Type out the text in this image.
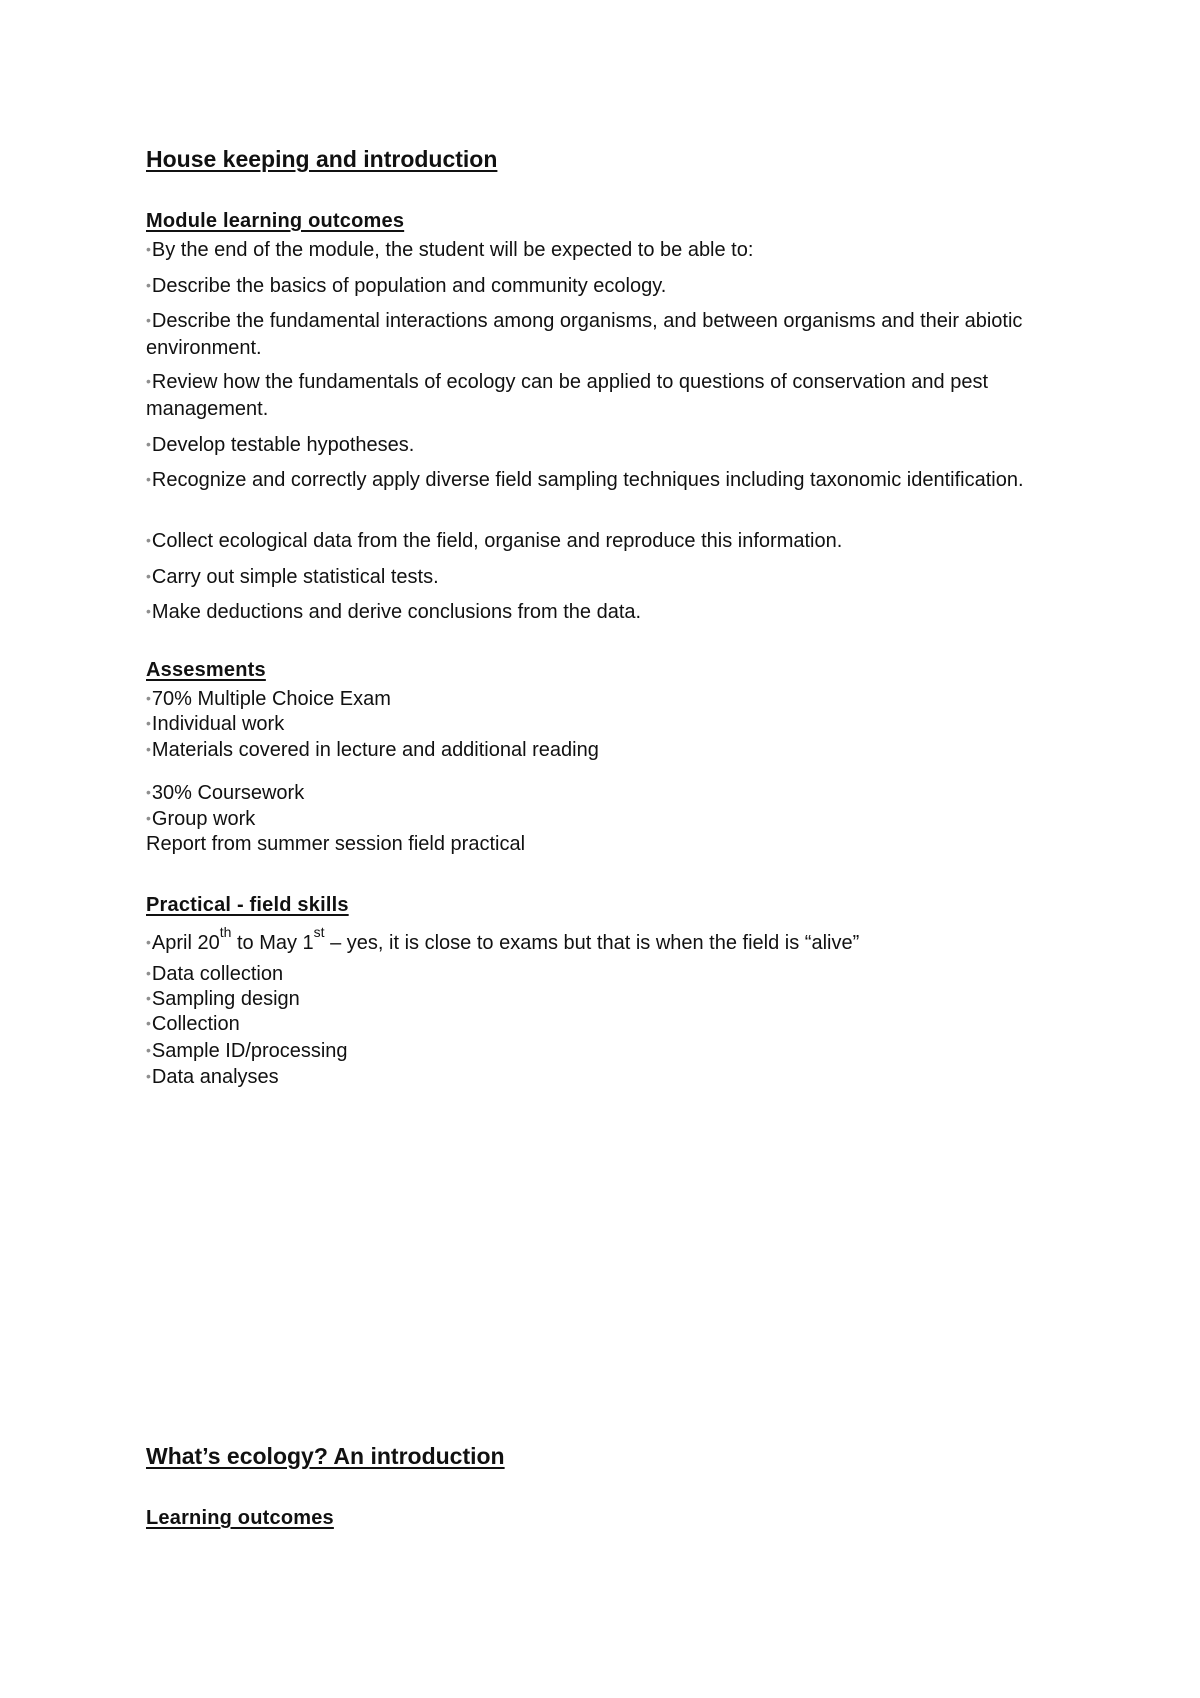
House keeping and introduction
Module learning outcomes

•By the end of the module, the student will be expected to be able to:

•Describe the basics of population and community ecology.

•Describe the fundamental interactions among organisms, and between organisms and their abiotic environment.

•Review how the fundamentals of ecology can be applied to questions of conservation and pest management.

•Develop testable hypotheses.

•Recognize and correctly apply diverse field sampling techniques including taxonomic identification.

•Collect ecological data from the field, organise and reproduce this information.

•Carry out simple statistical tests.

•Make deductions and derive conclusions from the data.

Assesments

•70% Multiple Choice Exam

•Individual work

•Materials covered in lecture and additional reading

•30% Coursework

•Group work

Report from summer session field practical

Practical - field skills

•April 20th to May 1st – yes, it is close to exams but that is when the field is “alive”

•Data collection

•Sampling design

•Collection

•Sample ID/processing

•Data analyses

What’s ecology? An introduction
Learning outcomes
